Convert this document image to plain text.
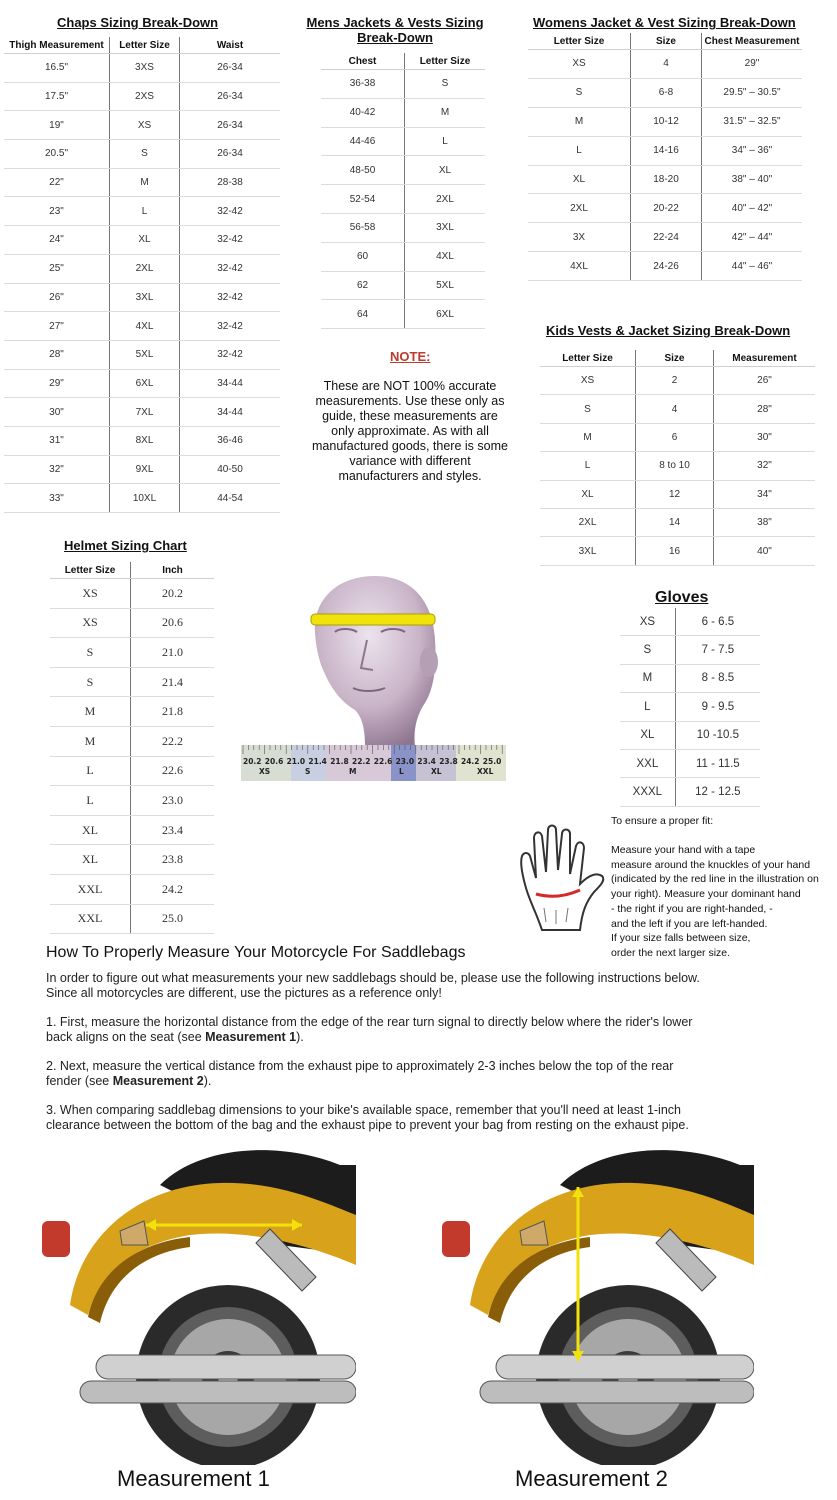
Chaps Sizing Break-Down
Thigh Measurement	Letter Size	Waist
16.5"	3XS	26-34
17.5"	2XS	26-34
19"	XS	26-34
20.5"	S	26-34
22"	M	28-38
23"	L	32-42
24"	XL	32-42
25"	2XL	32-42
26"	3XL	32-42
27"	4XL	32-42
28"	5XL	32-42
29"	6XL	34-44
30"	7XL	34-44
31"	8XL	36-46
32"	9XL	40-50
33"	10XL	44-54
Mens Jackets & Vests Sizing
Break-Down
Chest	Letter Size
36-38	S
40-42	M
44-46	L
48-50	XL
52-54	2XL
56-58	3XL
60	4XL
62	5XL
64	6XL
Womens Jacket & Vest Sizing Break-Down
Letter Size	Size	Chest Measurement
XS	4	29"
S	6-8	29.5" – 30.5"
M	10-12	31.5" – 32.5"
L	14-16	34" – 36"
XL	18-20	38" – 40"
2XL	20-22	40" – 42"
3X	22-24	42" – 44"
4XL	24-26	44" – 46"
NOTE:
These are NOT 100% accurate
measurements. Use these only as
guide, these measurements are
only approximate. As with all
manufactured goods, there is some
variance with different
manufacturers and styles.
Kids Vests & Jacket Sizing Break-Down
Letter Size	Size	Measurement
XS	2	26"
S	4	28"
M	6	30"
L	8 to 10	32"
XL	12	34"
2XL	14	38"
3XL	16	40"
Helmet Sizing Chart
Letter Size	Inch
XS	20.2
XS	20.6
S	21.0
S	21.4
M	21.8
M	22.2
L	22.6
L	23.0
XL	23.4
XL	23.8
XXL	24.2
XXL	25.0
20.2 20.6 21.0 21.4 21.8 22.2 22.6 23.0 23.4 23.8 24.2 25.0
XS	S	M	L	XL	XXL
Gloves
XS	6 - 6.5
S	7 - 7.5
M	8 - 8.5
L	9 - 9.5
XL	10 -10.5
XXL	11 - 11.5
XXXL	12 - 12.5
To ensure a proper fit:
Measure your hand with a tape
measure around the knuckles of your hand
(indicated by the red line in the illustration on
your right). Measure your dominant hand
- the right if you are right-handed, -
and the left if you are left-handed.
If your size falls between size,
order the next larger size.
How To Properly Measure Your Motorcycle For Saddlebags
In order to figure out what measurements your new saddlebags should be, please use the following instructions below.
Since all motorcycles are different, use the pictures as a reference only!
1. First, measure the horizontal distance from the edge of the rear turn signal to directly below where the rider's lower
back aligns on the seat (see Measurement 1).
2. Next, measure the vertical distance from the exhaust pipe to approximately 2-3 inches below the top of the rear
fender (see Measurement 2).
3. When comparing saddlebag dimensions to your bike's available space, remember that you'll need at least 1-inch
clearance between the bottom of the bag and the exhaust pipe to prevent your bag from resting on the exhaust pipe.
Measurement 1	Measurement 2
